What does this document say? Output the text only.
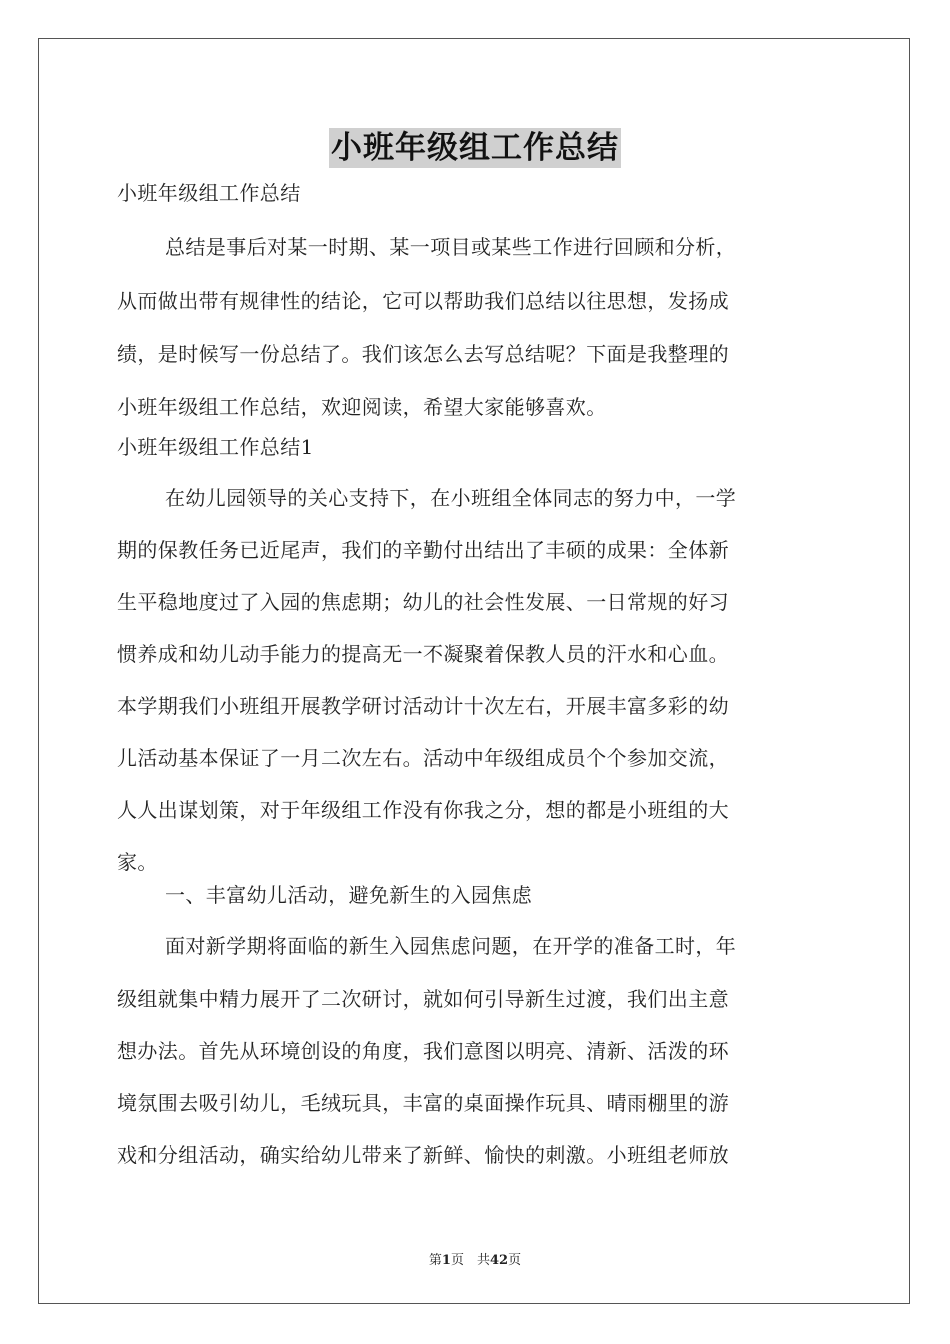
小班年级组工作总结
小班年级组工作总结
总结是事后对某一时期、某一项目或某些工作进行回顾和分析，
从而做出带有规律性的结论，它可以帮助我们总结以往思想，发扬成
绩，是时候写一份总结了。我们该怎么去写总结呢？下面是我整理的
小班年级组工作总结，欢迎阅读，希望大家能够喜欢。
小班年级组工作总结1
在幼儿园领导的关心支持下，在小班组全体同志的努力中，一学
期的保教任务已近尾声，我们的辛勤付出结出了丰硕的成果：全体新
生平稳地度过了入园的焦虑期；幼儿的社会性发展、一日常规的好习
惯养成和幼儿动手能力的提高无一不凝聚着保教人员的汗水和心血。
本学期我们小班组开展教学研讨活动计十次左右，开展丰富多彩的幼
儿活动基本保证了一月二次左右。活动中年级组成员个个参加交流，
人人出谋划策，对于年级组工作没有你我之分，想的都是小班组的大
家。
一、丰富幼儿活动，避免新生的入园焦虑
面对新学期将面临的新生入园焦虑问题，在开学的准备工时，年
级组就集中精力展开了二次研讨，就如何引导新生过渡，我们出主意
想办法。首先从环境创设的角度，我们意图以明亮、清新、活泼的环
境氛围去吸引幼儿，毛绒玩具，丰富的桌面操作玩具、晴雨棚里的游
戏和分组活动，确实给幼儿带来了新鲜、愉快的刺激。小班组老师放
第1页　共42页
